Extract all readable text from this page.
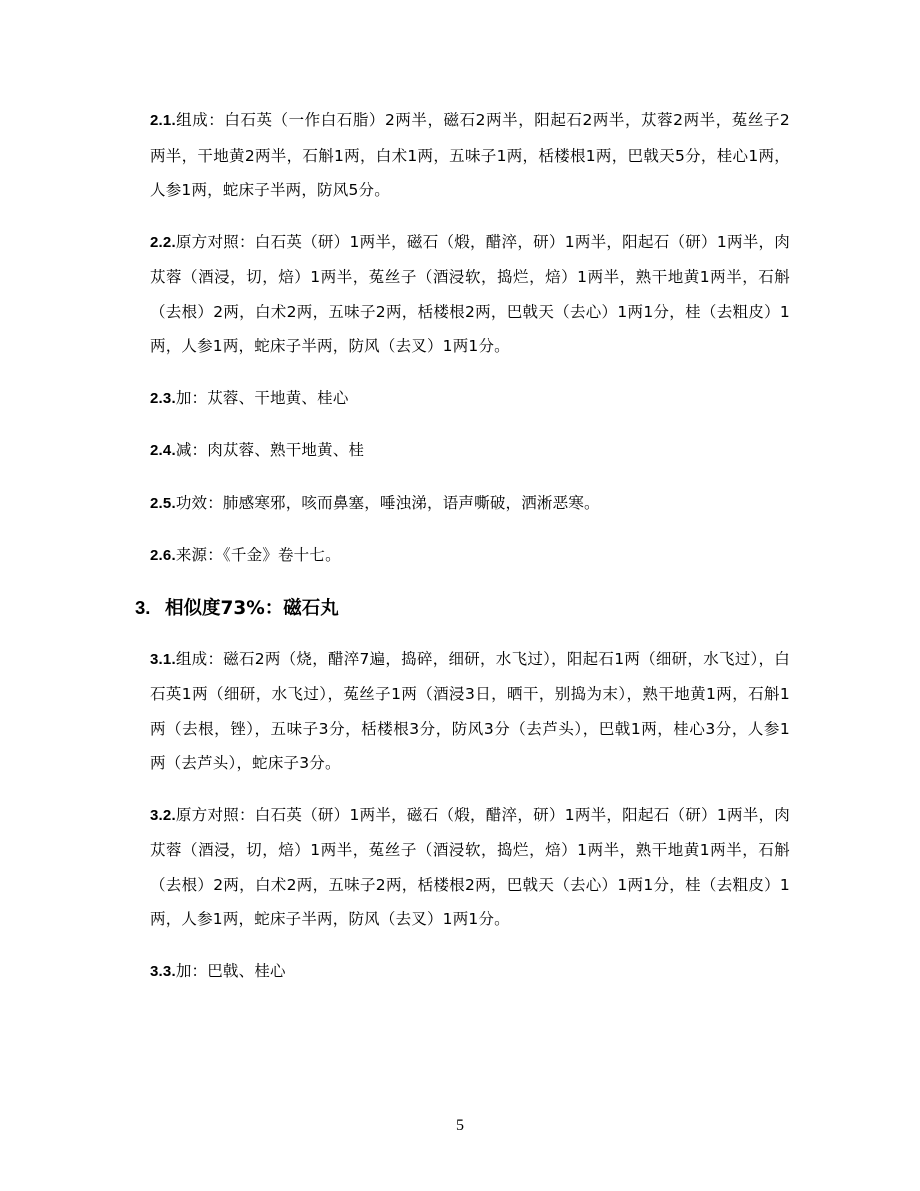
2.1.组成：白石英（一作白石脂）2两半，磁石2两半，阳起石2两半，苁蓉2两半，菟丝子2两半，干地黄2两半，石斛1两，白术1两，五味子1两，栝楼根1两，巴戟天5分，桂心1两，人参1两，蛇床子半两，防风5分。

2.2.原方对照：白石英（研）1两半，磁石（煅，醋淬，研）1两半，阳起石（研）1两半，肉苁蓉（酒浸，切，焙）1两半，菟丝子（酒浸软，捣烂，焙）1两半，熟干地黄1两半，石斛（去根）2两，白术2两，五味子2两，栝楼根2两，巴戟天（去心）1两1分，桂（去粗皮）1两，人参1两，蛇床子半两，防风（去叉）1两1分。

2.3.加：苁蓉、干地黄、桂心

2.4.减：肉苁蓉、熟干地黄、桂

2.5.功效：肺感寒邪，咳而鼻塞，唾浊涕，语声嘶破，洒淅恶寒。

2.6.来源：《千金》卷十七。

3. 相似度73%：磁石丸

3.1.组成：磁石2两（烧，醋淬7遍，捣碎，细研，水飞过），阳起石1两（细研，水飞过），白石英1两（细研，水飞过），菟丝子1两（酒浸3日，晒干，别捣为末），熟干地黄1两，石斛1两（去根，锉），五味子3分，栝楼根3分，防风3分（去芦头），巴戟1两，桂心3分，人参1两（去芦头），蛇床子3分。

3.2.原方对照：白石英（研）1两半，磁石（煅，醋淬，研）1两半，阳起石（研）1两半，肉苁蓉（酒浸，切，焙）1两半，菟丝子（酒浸软，捣烂，焙）1两半，熟干地黄1两半，石斛（去根）2两，白术2两，五味子2两，栝楼根2两，巴戟天（去心）1两1分，桂（去粗皮）1两，人参1两，蛇床子半两，防风（去叉）1两1分。

3.3.加：巴戟、桂心

5
